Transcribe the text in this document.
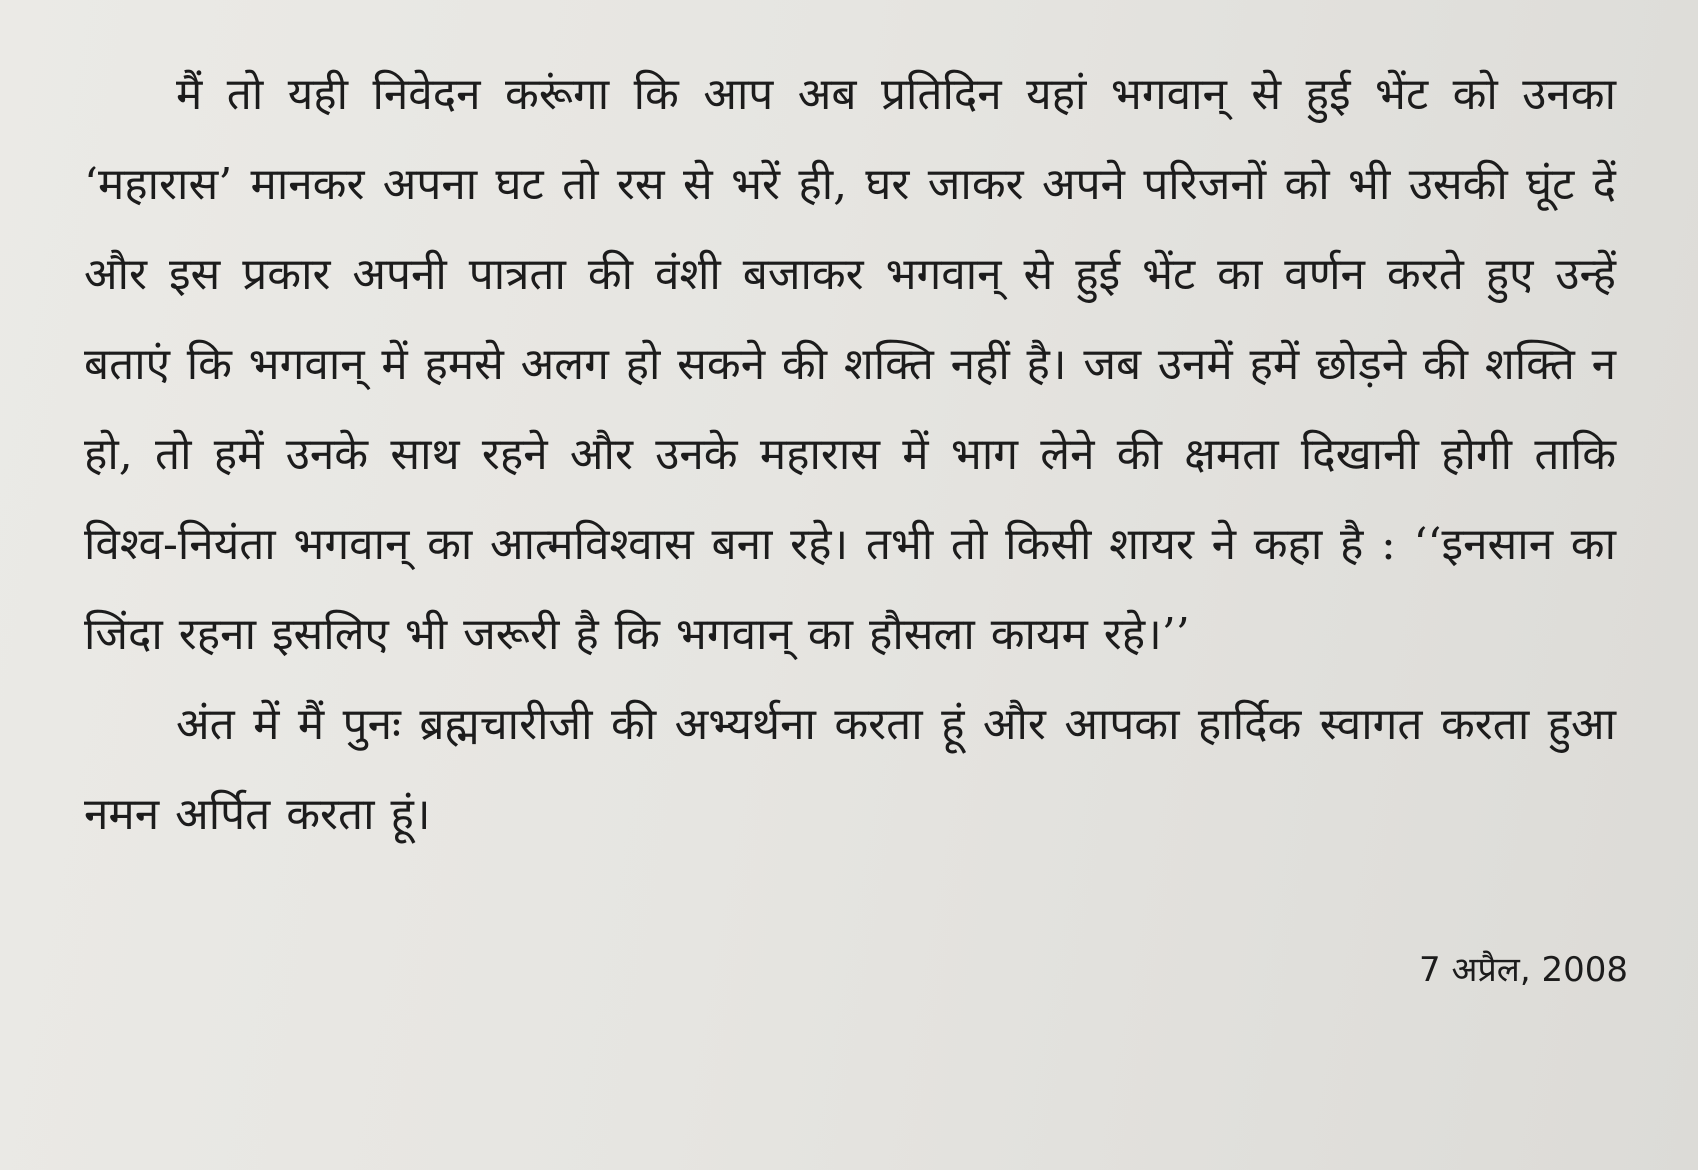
मैं तो यही निवेदन करूंगा कि आप अब प्रतिदिन यहां भगवान् से हुई भेंट को उनका ‘महारास’ मानकर अपना घट तो रस से भरें ही, घर जाकर अपने परिजनों को भी उसकी घूंट दें और इस प्रकार अपनी पात्रता की वंशी बजाकर भगवान् से हुई भेंट का वर्णन करते हुए उन्हें बताएं कि भगवान् में हमसे अलग हो सकने की शक्ति नहीं है। जब उनमें हमें छोड़ने की शक्ति न हो, तो हमें उनके साथ रहने और उनके महारास में भाग लेने की क्षमता दिखानी होगी ताकि विश्व-नियंता भगवान् का आत्मविश्वास बना रहे। तभी तो किसी शायर ने कहा है : ‘‘इनसान का जिंदा रहना इसलिए भी जरूरी है कि भगवान् का हौसला कायम रहे।’’

अंत में मैं पुनः ब्रह्मचारीजी की अभ्यर्थना करता हूं और आपका हार्दिक स्वागत करता हुआ नमन अर्पित करता हूं।

7 अप्रैल, 2008
